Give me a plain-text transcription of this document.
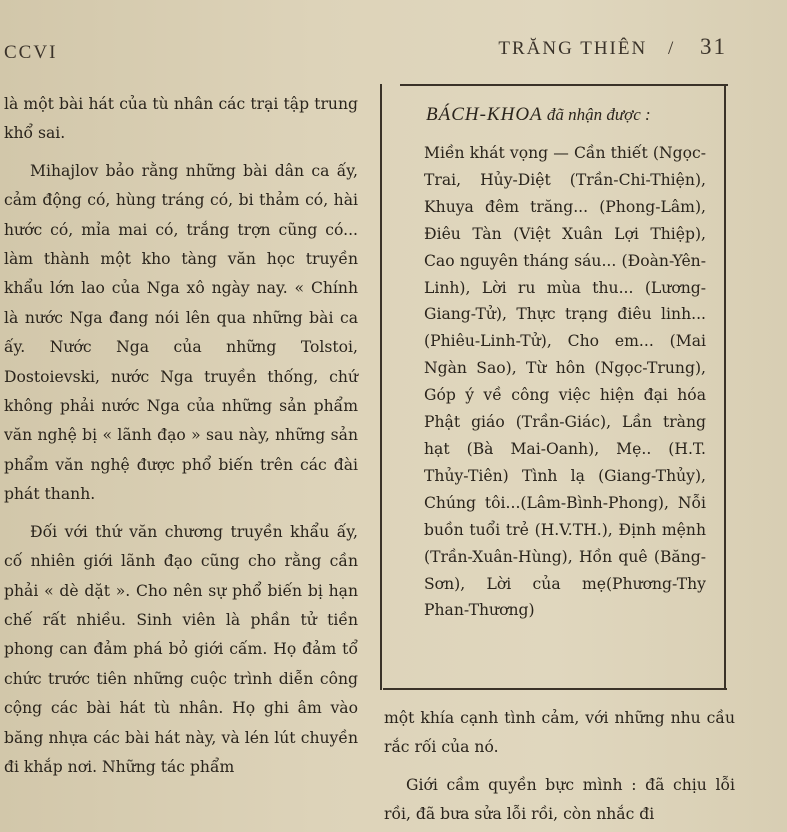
CCVI	TRĂNG THIÊN / 31

là một bài hát của tù nhân các trại tập trung khổ sai.

Mihajlov bảo rằng những bài dân ca ấy, cảm động có, hùng tráng có, bi thảm có, hài hước có, mỉa mai có, trắng trợn cũng có... làm thành một kho tàng văn học truyền khẩu lớn lao của Nga xô ngày nay. « Chính là nước Nga đang nói lên qua những bài ca ấy. Nước Nga của những Tolstoi, Dostoievski, nước Nga truyền thống, chứ không phải nước Nga của những sản phẩm văn nghệ bị « lãnh đạo » sau này, những sản phẩm văn nghệ được phổ biến trên các đài phát thanh.

Đối với thứ văn chương truyền khẩu ấy, cố nhiên giới lãnh đạo cũng cho rằng cần phải « dè dặt ». Cho nên sự phổ biến bị hạn chế rất nhiều. Sinh viên là phần tử tiền phong can đảm phá bỏ giới cấm. Họ đảm tổ chức trước tiên những cuộc trình diễn công cộng các bài hát tù nhân. Họ ghi âm vào băng nhựa các bài hát này, và lén lút chuyền đi khắp nơi. Những tác phẩm

BÁCH-KHOA đã nhận được :
Miền khát vọng — Cần thiết (Ngọc-Trai, Hủy-Diệt (Trần-Chi-Thiện), Khuya đêm trăng... (Phong-Lâm), Điêu Tàn (Việt Xuân Lợi Thiệp), Cao nguyên tháng sáu... (Đoàn-Yên-Linh), Lời ru mùa thu... (Lương-Giang-Tử), Thực trạng điêu linh... (Phiêu-Linh-Tử), Cho em... (Mai Ngàn Sao), Từ hôn (Ngọc-Trung), Góp ý về công việc hiện đại hóa Phật giáo (Trần-Giác), Lần tràng hạt (Bà Mai-Oanh), Mẹ.. (H.T. Thủy-Tiên) Tình lạ (Giang-Thủy), Chúng tôi...(Lâm-Bình-Phong), Nỗi buồn tuổi trẻ (H.V.TH.), Định mệnh (Trần-Xuân-Hùng), Hồn quê (Băng-Sơn), Lời của mẹ(Phương-Thy Phan-Thương)

một khía cạnh tình cảm, với những nhu cầu rắc rối của nó.

Giới cầm quyền bực mình : đã chịu lỗi rồi, đã bưa sửa lỗi rồi, còn nhắc đi
